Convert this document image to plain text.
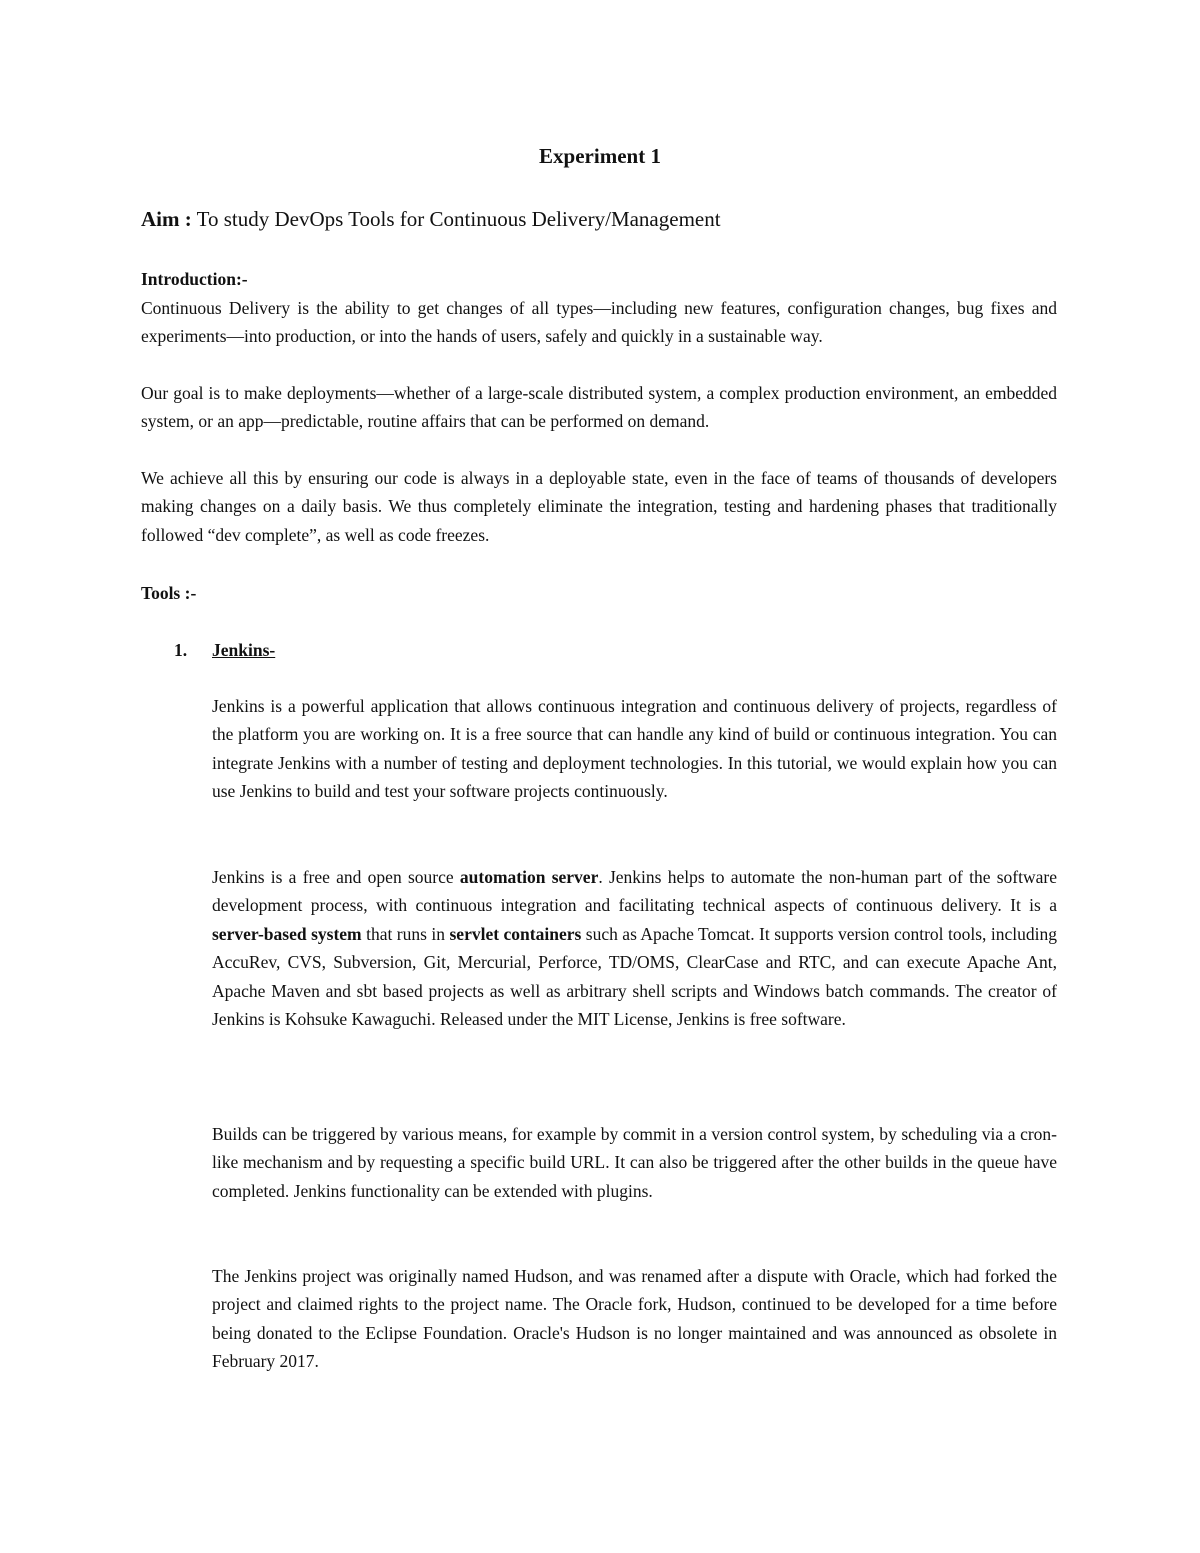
Experiment 1
Aim : To study DevOps Tools for Continuous Delivery/Management
Introduction:-

Continuous Delivery is the ability to get changes of all types—including new features, configuration changes, bug fixes and experiments—into production, or into the hands of users, safely and quickly in a sustainable way.

Our goal is to make deployments—whether of a large-scale distributed system, a complex production environment, an embedded system, or an app—predictable, routine affairs that can be performed on demand.

We achieve all this by ensuring our code is always in a deployable state, even in the face of teams of thousands of developers making changes on a daily basis. We thus completely eliminate the integration, testing and hardening phases that traditionally followed “dev complete”, as well as code freezes.

Tools :-
1. Jenkins-

Jenkins is a powerful application that allows continuous integration and continuous delivery of projects, regardless of the platform you are working on. It is a free source that can handle any kind of build or continuous integration. You can integrate Jenkins with a number of testing and deployment technologies. In this tutorial, we would explain how you can use Jenkins to build and test your software projects continuously.

Jenkins is a free and open source automation server. Jenkins helps to automate the non-human part of the software development process, with continuous integration and facilitating technical aspects of continuous delivery. It is a server-based system that runs in servlet containers such as Apache Tomcat. It supports version control tools, including AccuRev, CVS, Subversion, Git, Mercurial, Perforce, TD/OMS, ClearCase and RTC, and can execute Apache Ant, Apache Maven and sbt based projects as well as arbitrary shell scripts and Windows batch commands. The creator of Jenkins is Kohsuke Kawaguchi. Released under the MIT License, Jenkins is free software.

Builds can be triggered by various means, for example by commit in a version control system, by scheduling via a cron-like mechanism and by requesting a specific build URL. It can also be triggered after the other builds in the queue have completed. Jenkins functionality can be extended with plugins.

The Jenkins project was originally named Hudson, and was renamed after a dispute with Oracle, which had forked the project and claimed rights to the project name. The Oracle fork, Hudson, continued to be developed for a time before being donated to the Eclipse Foundation. Oracle's Hudson is no longer maintained and was announced as obsolete in February 2017.
